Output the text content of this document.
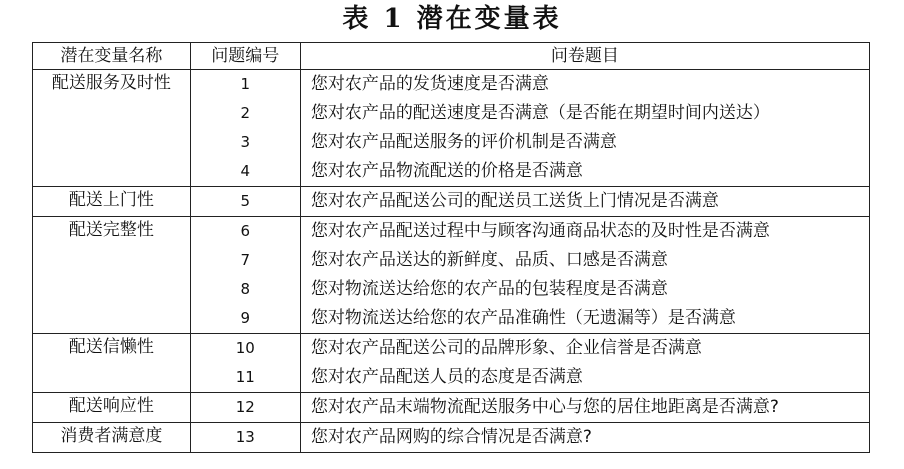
表 1 潜在变量表
潜在变量名称	问题编号	问卷题目

配送服务及时性	1	您对农产品的发货速度是否满意
	2	您对农产品的配送速度是否满意（是否能在期望时间内送达）
	3	您对农产品配送服务的评价机制是否满意
	4	您对农产品物流配送的价格是否满意

配送上门性	5	您对农产品配送公司的配送员工送货上门情况是否满意

配送完整性	6	您对农产品配送过程中与顾客沟通商品状态的及时性是否满意
	7	您对农产品送达的新鲜度、品质、口感是否满意
	8	您对物流送达给您的农产品的包装程度是否满意
	9	您对物流送达给您的农产品准确性（无遗漏等）是否满意

配送信懒性	10	您对农产品配送公司的品牌形象、企业信誉是否满意
	11	您对农产品配送人员的态度是否满意

配送响应性	12	您对农产品末端物流配送服务中心与您的居住地距离是否满意?

消费者满意度	13	您对农产品网购的综合情况是否满意?
